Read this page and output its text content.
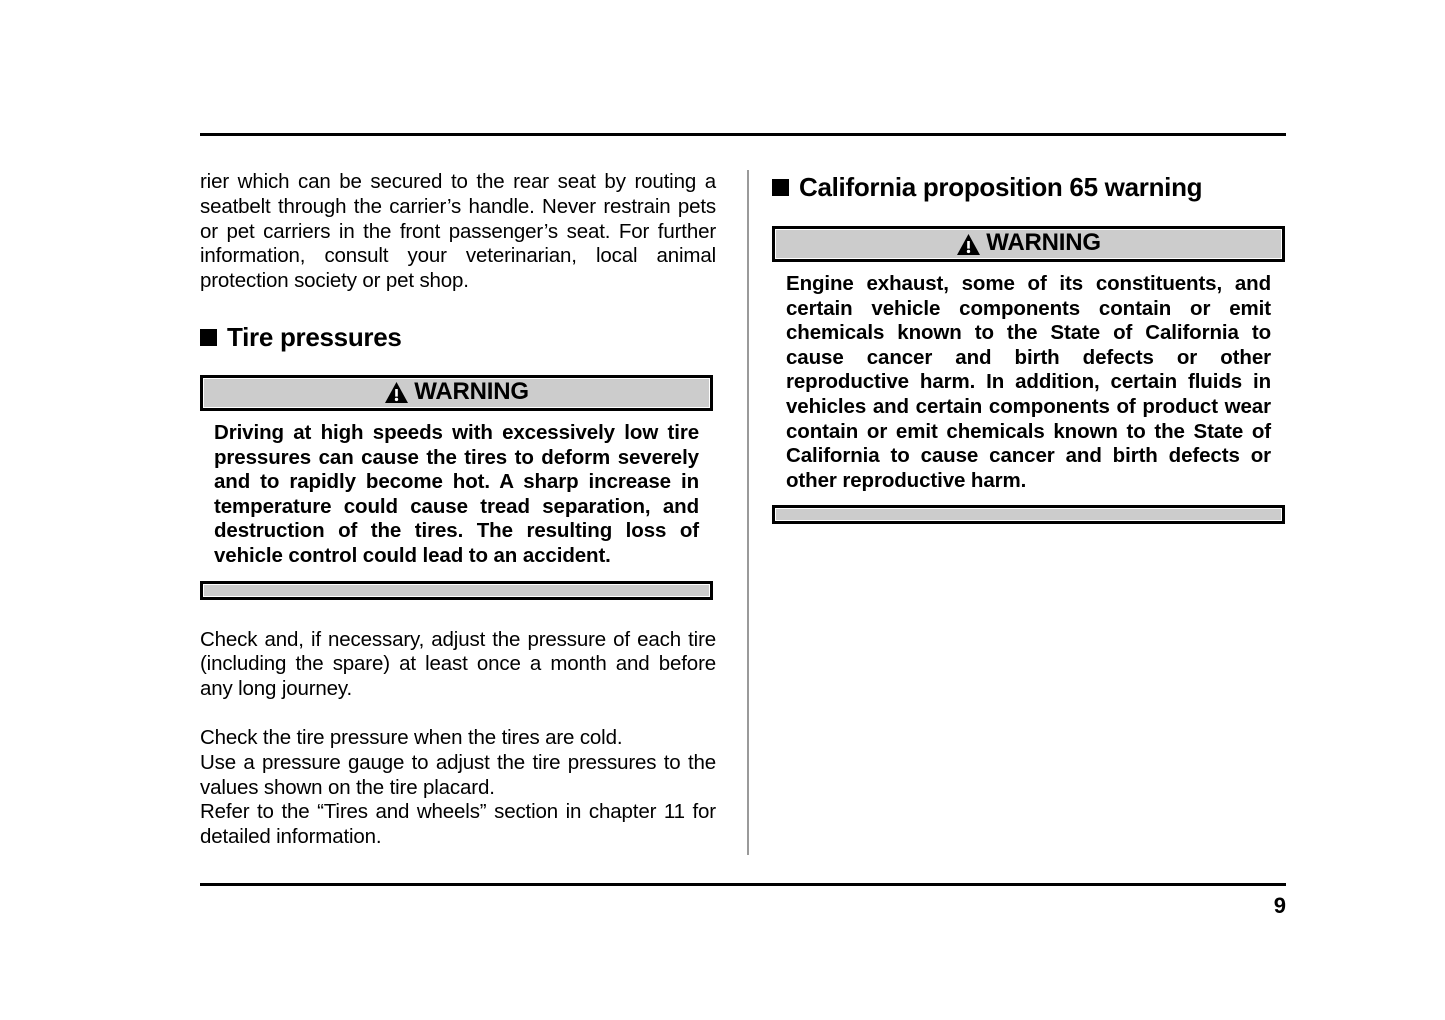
rier which can be secured to the rear seat by routing a seatbelt through the carrier’s handle. Never restrain pets or pet carriers in the front passenger’s seat. For further information, consult your veterinarian, local animal protection society or pet shop.

Tire pressures
WARNING

Driving at high speeds with excessively low tire pressures can cause the tires to deform severely and to rapidly become hot. A sharp increase in temperature could cause tread separation, and destruction of the tires. The resulting loss of vehicle control could lead to an accident.

Check and, if necessary, adjust the pressure of each tire (including the spare) at least once a month and before any long journey.

Check the tire pressure when the tires are cold.

Use a pressure gauge to adjust the tire pressures to the values shown on the tire placard.

Refer to the “Tires and wheels” section in chapter 11 for detailed information.

California proposition 65 warning
WARNING

Engine exhaust, some of its constituents, and certain vehicle components contain or emit chemicals known to the State of California to cause cancer and birth defects or other reproductive harm. In addition, certain fluids in vehicles and certain components of product wear contain or emit chemicals known to the State of California to cause cancer and birth defects or other reproductive harm.

9
